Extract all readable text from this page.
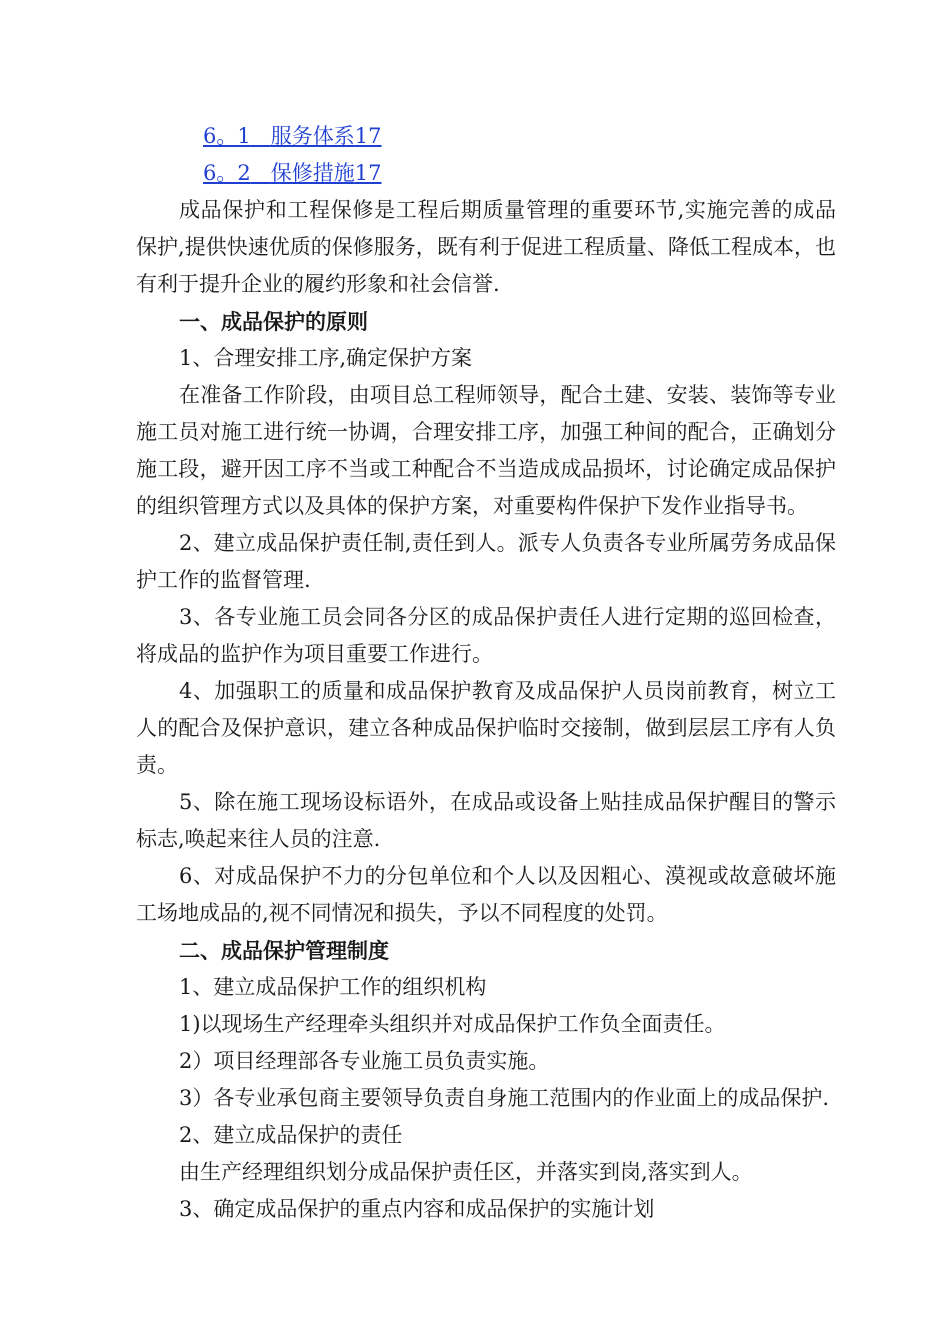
6。1 服务体系17
6。2 保修措施17

成品保护和工程保修是工程后期质量管理的重要环节,实施完善的成品保护,提供快速优质的保修服务，既有利于促进工程质量、降低工程成本，也有利于提升企业的履约形象和社会信誉.

一、成品保护的原则

1、合理安排工序,确定保护方案

在准备工作阶段，由项目总工程师领导，配合土建、安装、装饰等专业施工员对施工进行统一协调，合理安排工序，加强工种间的配合，正确划分施工段，避开因工序不当或工种配合不当造成成品损坏，讨论确定成品保护的组织管理方式以及具体的保护方案，对重要构件保护下发作业指导书。

2、建立成品保护责任制,责任到人。派专人负责各专业所属劳务成品保护工作的监督管理.

3、各专业施工员会同各分区的成品保护责任人进行定期的巡回检查，将成品的监护作为项目重要工作进行。

4、加强职工的质量和成品保护教育及成品保护人员岗前教育，树立工人的配合及保护意识，建立各种成品保护临时交接制，做到层层工序有人负责。

5、除在施工现场设标语外，在成品或设备上贴挂成品保护醒目的警示标志,唤起来往人员的注意.

6、对成品保护不力的分包单位和个人以及因粗心、漠视或故意破坏施工场地成品的,视不同情况和损失，予以不同程度的处罚。

二、成品保护管理制度

1、建立成品保护工作的组织机构

1)以现场生产经理牵头组织并对成品保护工作负全面责任。

2）项目经理部各专业施工员负责实施。

3）各专业承包商主要领导负责自身施工范围内的作业面上的成品保护.

2、建立成品保护的责任

由生产经理组织划分成品保护责任区，并落实到岗,落实到人。

3、确定成品保护的重点内容和成品保护的实施计划
